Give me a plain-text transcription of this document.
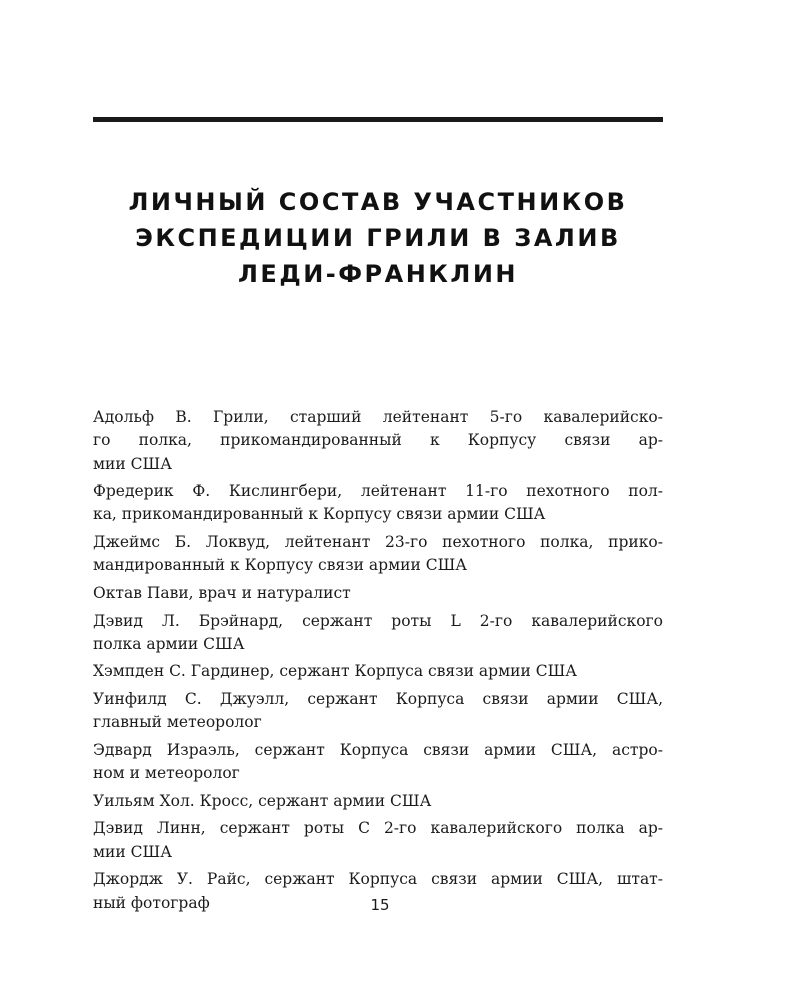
ЛИЧНЫЙ СОСТАВ УЧАСТНИКОВ
ЭКСПЕДИЦИИ ГРИЛИ В ЗАЛИВ
ЛЕДИ-ФРАНКЛИН
Адольф В. Грили, старший лейтенант 5-го кавалерийско-
го полка, прикомандированный к Корпусу связи ар-
мии США
Фредерик Ф. Кислингбери, лейтенант 11-го пехотного пол-
ка, прикомандированный к Корпусу связи армии США
Джеймс Б. Локвуд, лейтенант 23-го пехотного полка, прико-
мандированный к Корпусу связи армии США
Октав Пави, врач и натуралист
Дэвид Л. Брэйнард, сержант роты L 2-го кавалерийского
полка армии США
Хэмпден С. Гардинер, сержант Корпуса связи армии США
Уинфилд С. Джуэлл, сержант Корпуса связи армии США,
главный метеоролог
Эдвард Израэль, сержант Корпуса связи армии США, астро-
ном и метеоролог
Уильям Хол. Кросс, сержант армии США
Дэвид Линн, сержант роты С 2-го кавалерийского полка ар-
мии США
Джордж У. Райс, сержант Корпуса связи армии США, штат-
ный фотограф	15
